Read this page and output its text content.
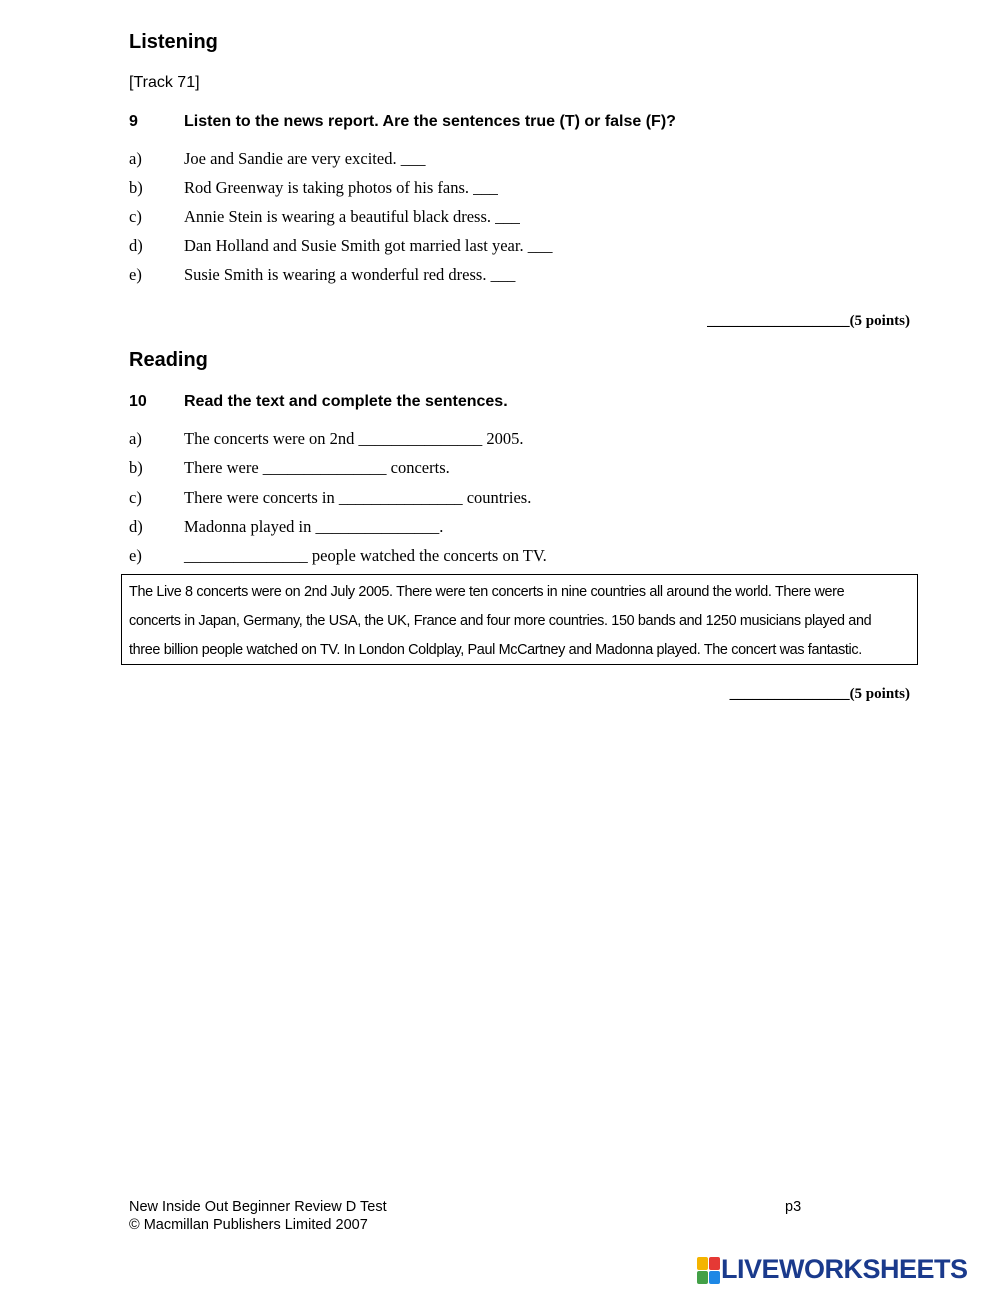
Listening
[Track 71]
9	Listen to the news report. Are the sentences true (T) or false (F)?
a)	Joe and Sandie are very excited. ___
b)	Rod Greenway is taking photos of his fans. ___
c)	Annie Stein is wearing a beautiful black dress. ___
d)	Dan Holland and Susie Smith got married last year. ___
e)	Susie Smith is wearing a wonderful red dress. ___
___________________(5 points)
Reading
10 Read the text and complete the sentences.
a)	The concerts were on 2nd _______________ 2005.
b)	There were _______________ concerts.
c)	There were concerts in _______________ countries.
d)	Madonna played in _______________.
e)	_______________ people watched the concerts on TV.
The Live 8 concerts were on 2nd July 2005. There were ten concerts in nine countries all around the world. There were
concerts in Japan, Germany, the USA, the UK, France and four more countries. 150 bands and 1250 musicians played and
three billion people watched on TV. In London Coldplay, Paul McCartney and Madonna played. The concert was fantastic.
________________(5 points)
New Inside Out Beginner Review D Test
© Macmillan Publishers Limited 2007
p3
LIVEWORKSHEETS
